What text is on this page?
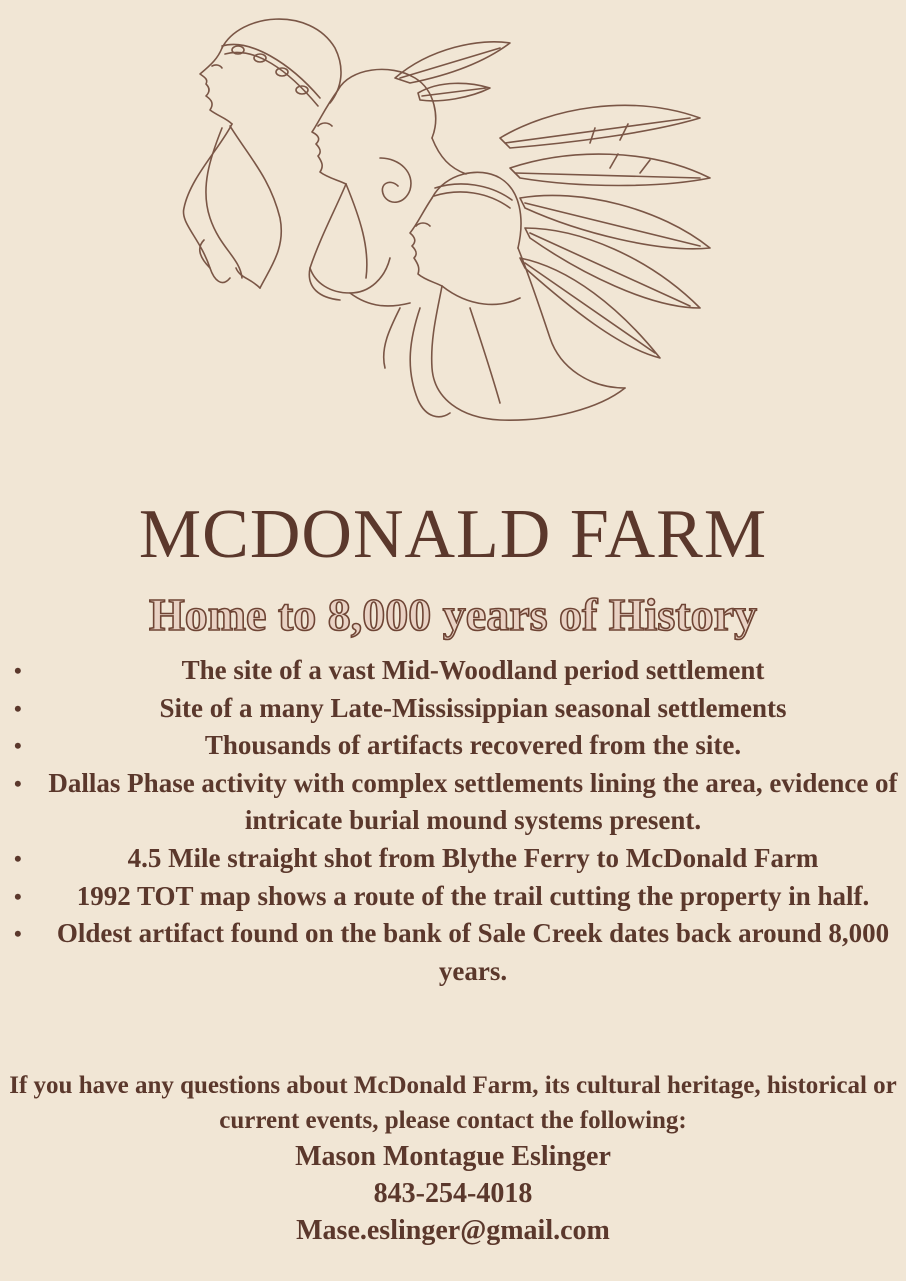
MCDONALD FARM
Home to 8,000 years of History
•	The site of a vast Mid-Woodland period settlement
•	Site of a many Late-Mississippian seasonal settlements
•	Thousands of artifacts recovered from the site.
• Dallas Phase activity with complex settlements lining the area, evidence of intricate burial mound systems present.
•	4.5 Mile straight shot from Blythe Ferry to McDonald Farm
• 1992 TOT map shows a route of the trail cutting the property in half.
• Oldest artifact found on the bank of Sale Creek dates back around 8,000 years.
If you have any questions about McDonald Farm, its cultural heritage, historical or current events, please contact the following:
Mason Montague Eslinger
843-254-4018
Mase.eslinger@gmail.com
